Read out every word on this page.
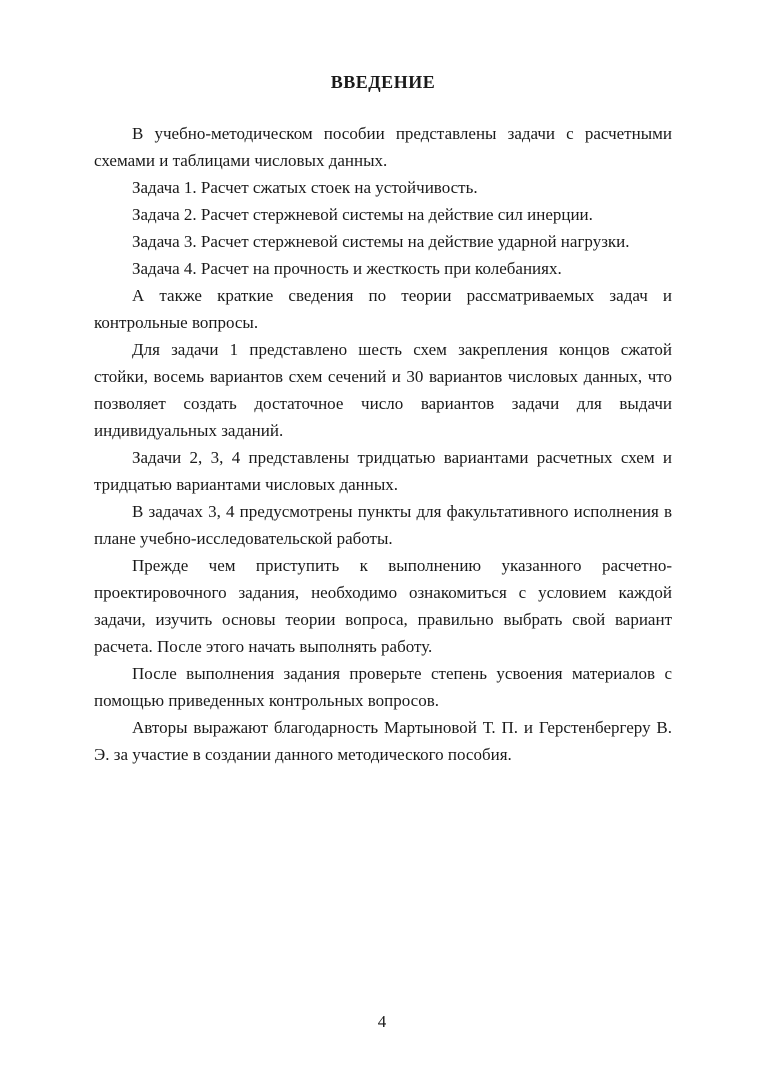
ВВЕДЕНИЕ

В учебно-методическом пособии представлены задачи с расчетными схемами и таблицами числовых данных.

Задача 1. Расчет сжатых стоек на устойчивость.

Задача 2. Расчет стержневой системы на действие сил инерции.

Задача 3. Расчет стержневой системы на действие ударной нагрузки.

Задача 4. Расчет на прочность и жесткость при колебаниях.

А также краткие сведения по теории рассматриваемых задач и контрольные вопросы.

Для задачи 1 представлено шесть схем закрепления концов сжатой стойки, восемь вариантов схем сечений и 30 вариантов числовых данных, что позволяет создать достаточное число вариантов задачи для выдачи индивидуальных заданий.

Задачи 2, 3, 4 представлены тридцатью вариантами расчетных схем и тридцатью вариантами числовых данных.

В задачах 3, 4 предусмотрены пункты для факультативного исполнения в плане учебно-исследовательской работы.

Прежде чем приступить к выполнению указанного расчетно-проектировочного задания, необходимо ознакомиться с условием каждой задачи, изучить основы теории вопроса, правильно выбрать свой вариант расчета. После этого начать выполнять работу.

После выполнения задания проверьте степень усвоения материалов с помощью приведенных контрольных вопросов.

Авторы выражают благодарность Мартыновой Т. П. и Герстенбергеру В. Э. за участие в создании данного методического пособия.

4
